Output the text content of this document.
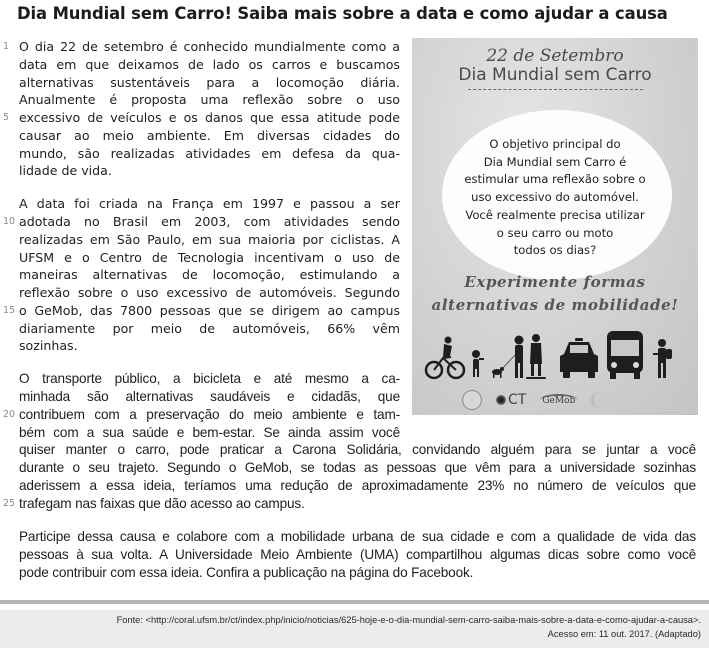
Dia Mundial sem Carro! Saiba mais sobre a data e como ajudar a causa
1 O dia 22 de setembro é conhecido mundialmente como a
data em que deixamos de lado os carros e buscamos
alternativas sustentáveis para a locomoção diária.
Anualmente é proposta uma reflexão sobre o uso
5 excessivo de veículos e os danos que essa atitude pode
causar ao meio ambiente. Em diversas cidades do
mundo, são realizadas atividades em defesa da qua-
lidade de vida.
A data foi criada na França em 1997 e passou a ser
10 adotada no Brasil em 2003, com atividades sendo
realizadas em São Paulo, em sua maioria por ciclistas. A
UFSM e o Centro de Tecnologia incentivam o uso de
maneiras alternativas de locomoção, estimulando a
reflexão sobre o uso excessivo de automóveis. Segundo
15 o GeMob, das 7800 pessoas que se dirigem ao campus
diariamente por meio de automóveis, 66% vêm
sozinhas.
O transporte público, a bicicleta e até mesmo a ca-
minhada são alternativas saudáveis e cidadãs, que
20 contribuem com a preservação do meio ambiente e tam-
bém com a sua saúde e bem-estar. Se ainda assim você
quiser manter o carro, pode praticar a Carona Solidária, convidando alguém para se juntar a você
durante o seu trajeto. Segundo o GeMob, se todas as pessoas que vêm para a universidade sozinhas
aderissem a essa ideia, teríamos uma redução de aproximadamente 23% no número de veículos que
25 trafegam nas faixas que dão acesso ao campus.
Participe dessa causa e colabore com a mobilidade urbana de sua cidade e com a qualidade de vida das
pessoas à sua volta. A Universidade Meio Ambiente (UMA) compartilhou algumas dicas sobre como você
pode contribuir com essa ideia. Confira a publicação na página do Facebook.
22 de Setembro
Dia Mundial sem Carro
O objetivo principal do
Dia Mundial sem Carro é
estimular uma reflexão sobre o
uso excessivo do automóvel.
Você realmente precisa utilizar
o seu carro ou moto
todos os dias?
Experimente formas
alternativas de mobilidade!
CT GeMob
Fonte: <http://coral.ufsm.br/ct/index.php/inicio/noticias/625-hoje-e-o-dia-mundial-sem-carro-saiba-mais-sobre-a-data-e-como-ajudar-a-causa>.
Acesso em: 11 out. 2017. (Adaptado)
